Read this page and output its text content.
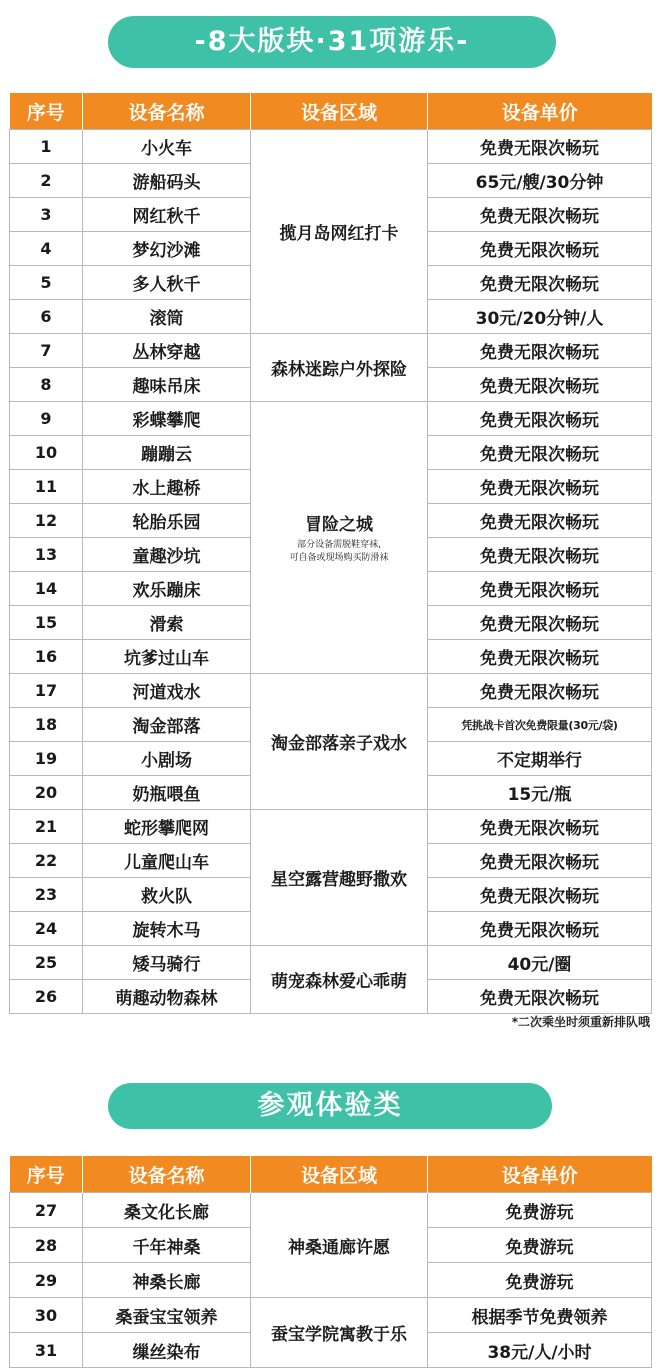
-8大版块·31项游乐-
序号	设备名称	设备区域	设备单价
1	小火车	揽月岛网红打卡	免费无限次畅玩
2	游船码头		65元/艘/30分钟
3	网红秋千		免费无限次畅玩
4	梦幻沙滩		免费无限次畅玩
5	多人秋千		免费无限次畅玩
6	滚筒		30元/20分钟/人
7	丛林穿越	森林迷踪户外探险	免费无限次畅玩
8	趣味吊床		免费无限次畅玩
9	彩蝶攀爬	冒险之城
部分设备需脱鞋穿袜,
可自备或现场购买防滑袜	免费无限次畅玩
10	蹦蹦云		免费无限次畅玩
11	水上趣桥		免费无限次畅玩
12	轮胎乐园		免费无限次畅玩
13	童趣沙坑		免费无限次畅玩
14	欢乐蹦床		免费无限次畅玩
15	滑索		免费无限次畅玩
16	坑爹过山车		免费无限次畅玩
17	河道戏水	淘金部落亲子戏水	免费无限次畅玩
18	淘金部落		凭挑战卡首次免费限量(30元/袋)
19	小剧场		不定期举行
20	奶瓶喂鱼		15元/瓶
21	蛇形攀爬网	星空露营趣野撒欢	免费无限次畅玩
22	儿童爬山车		免费无限次畅玩
23	救火队		免费无限次畅玩
24	旋转木马		免费无限次畅玩
25	矮马骑行	萌宠森林爱心乖萌	40元/圈
26	萌趣动物森林		免费无限次畅玩
*二次乘坐时须重新排队哦
参观体验类
序号	设备名称	设备区域	设备单价
27	桑文化长廊	神桑通廊许愿	免费游玩
28	千年神桑		免费游玩
29	神桑长廊		免费游玩
30	桑蚕宝宝领养	蚕宝学院寓教于乐	根据季节免费领养
31	缫丝染布		38元/人/小时
